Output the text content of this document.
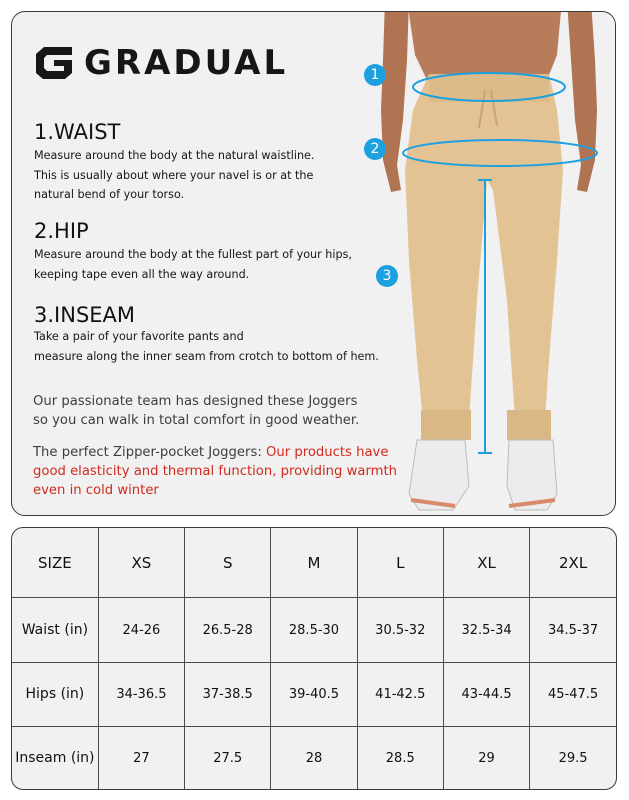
GRADUAL
1.WAIST
Measure around the body at the natural waistline.
This is usually about where your navel is or at the
natural bend of your torso.
2.HIP
Measure around the body at the fullest part of your hips,
keeping tape even all the way around.
3.INSEAM
Take a pair of your favorite pants and
measure along the inner seam from crotch to bottom of hem.
Our passionate team has designed these Joggers
so you can walk in total comfort in good weather.
The perfect Zipper-pocket Joggers: Our products have
good elasticity and thermal function, providing warmth
even in cold winter
1
2
3
SIZE	XS	S	M	L	XL	2XL
Waist (in)	24-26	26.5-28	28.5-30	30.5-32	32.5-34	34.5-37
Hips (in)	34-36.5	37-38.5	39-40.5	41-42.5	43-44.5	45-47.5
Inseam (in)	27	27.5	28	28.5	29	29.5
